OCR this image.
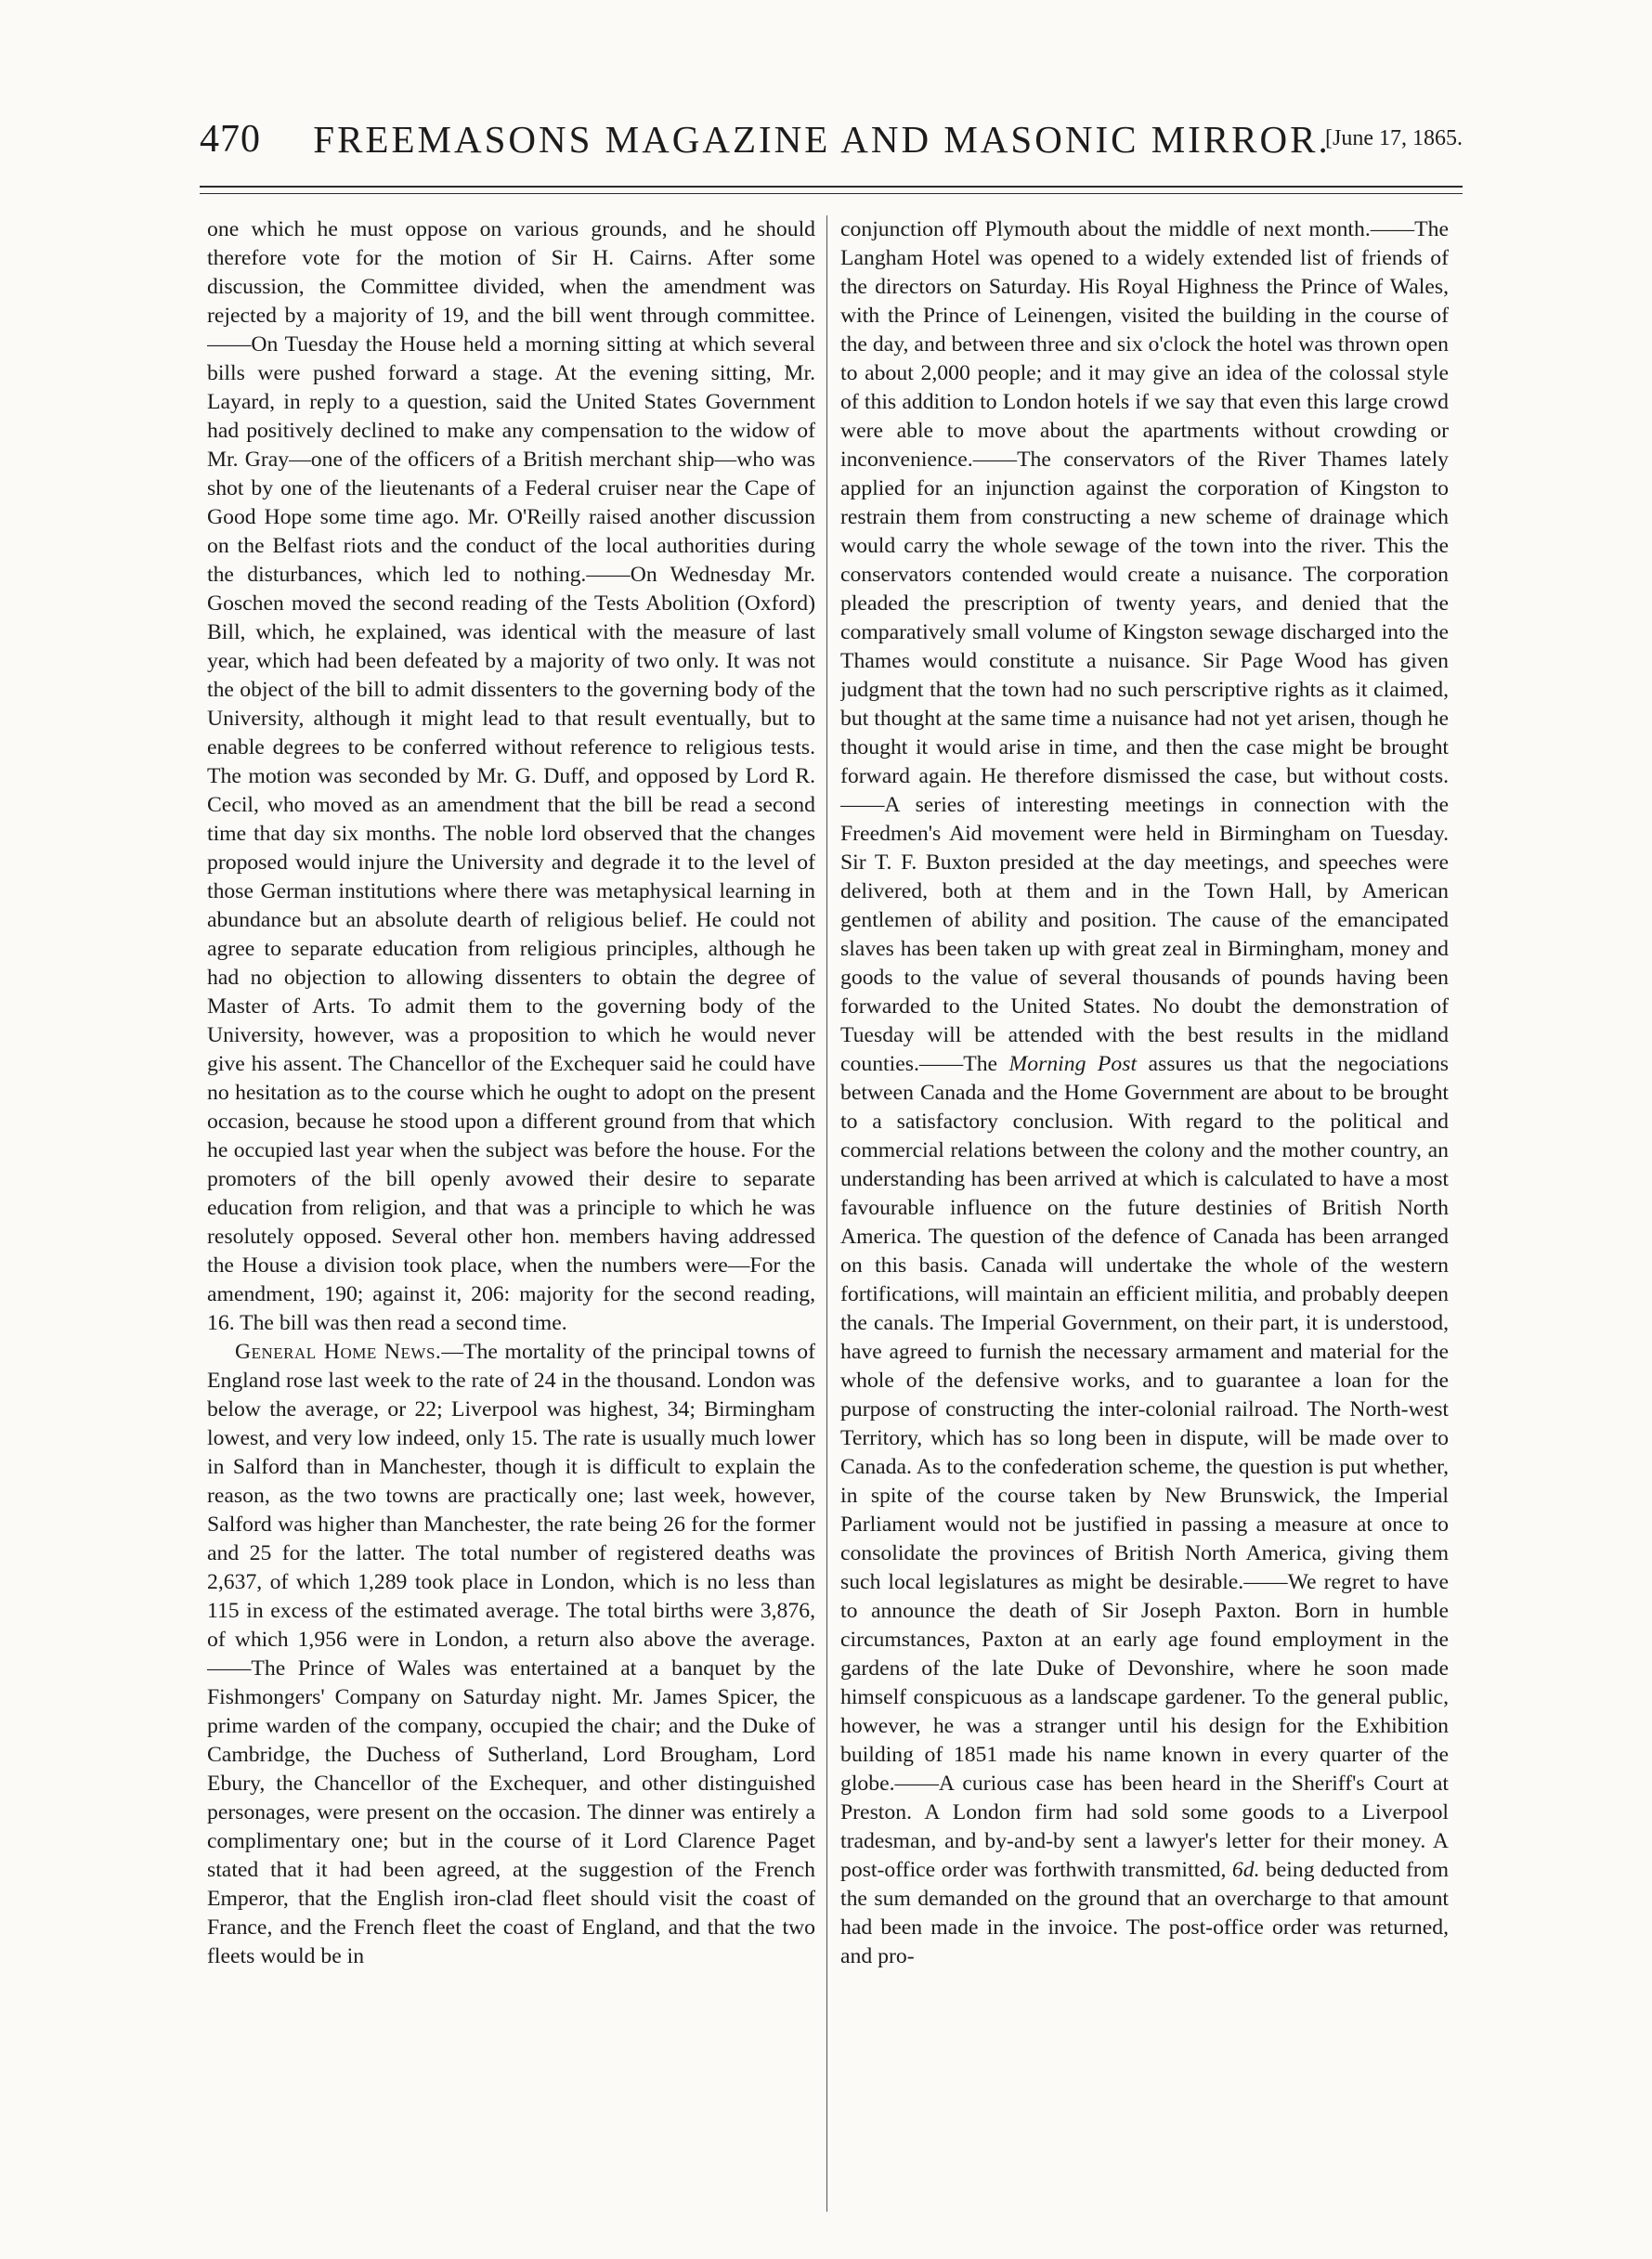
470	FREEMASONS MAGAZINE AND MASONIC MIRROR.
[June 17, 1865.

one which he must oppose on various grounds, and he should therefore vote for the motion of Sir H. Cairns. After some discussion, the Committee divided, when the amendment was rejected by a majority of 19, and the bill went through committee.——On Tuesday the House held a morning sitting at which several bills were pushed forward a stage. At the evening sitting, Mr. Layard, in reply to a question, said the United States Government had positively declined to make any compensation to the widow of Mr. Gray—one of the officers of a British merchant ship—who was shot by one of the lieutenants of a Federal cruiser near the Cape of Good Hope some time ago. Mr. O'Reilly raised another discussion on the Belfast riots and the conduct of the local authorities during the disturbances, which led to nothing.——On Wednesday Mr. Goschen moved the second reading of the Tests Abolition (Oxford) Bill, which, he explained, was identical with the measure of last year, which had been defeated by a majority of two only. It was not the object of the bill to admit dissenters to the governing body of the University, although it might lead to that result eventually, but to enable degrees to be conferred without reference to religious tests. The motion was seconded by Mr. G. Duff, and opposed by Lord R. Cecil, who moved as an amendment that the bill be read a second time that day six months. The noble lord observed that the changes proposed would injure the University and degrade it to the level of those German institutions where there was metaphysical learning in abundance but an absolute dearth of religious belief. He could not agree to separate education from religious principles, although he had no objection to allowing dissenters to obtain the degree of Master of Arts. To admit them to the governing body of the University, however, was a proposition to which he would never give his assent. The Chancellor of the Exchequer said he could have no hesitation as to the course which he ought to adopt on the present occasion, because he stood upon a different ground from that which he occupied last year when the subject was before the house. For the promoters of the bill openly avowed their desire to separate education from religion, and that was a principle to which he was resolutely opposed. Several other hon. members having addressed the House a division took place, when the numbers were—For the amendment, 190; against it, 206: majority for the second reading, 16. The bill was then read a second time.

General Home News.—The mortality of the principal towns of England rose last week to the rate of 24 in the thousand. London was below the average, or 22; Liverpool was highest, 34; Birmingham lowest, and very low indeed, only 15. The rate is usually much lower in Salford than in Manchester, though it is difficult to explain the reason, as the two towns are practically one; last week, however, Salford was higher than Manchester, the rate being 26 for the former and 25 for the latter. The total number of registered deaths was 2,637, of which 1,289 took place in London, which is no less than 115 in excess of the estimated average. The total births were 3,876, of which 1,956 were in London, a return also above the average.——The Prince of Wales was entertained at a banquet by the Fishmongers' Company on Saturday night. Mr. James Spicer, the prime warden of the company, occupied the chair; and the Duke of Cambridge, the Duchess of Sutherland, Lord Brougham, Lord Ebury, the Chancellor of the Exchequer, and other distinguished personages, were present on the occasion. The dinner was entirely a complimentary one; but in the course of it Lord Clarence Paget stated that it had been agreed, at the suggestion of the French Emperor, that the English iron-clad fleet should visit the coast of France, and the French fleet the coast of England, and that the two fleets would be in

conjunction off Plymouth about the middle of next month.——The Langham Hotel was opened to a widely extended list of friends of the directors on Saturday. His Royal Highness the Prince of Wales, with the Prince of Leinengen, visited the building in the course of the day, and between three and six o'clock the hotel was thrown open to about 2,000 people; and it may give an idea of the colossal style of this addition to London hotels if we say that even this large crowd were able to move about the apartments without crowding or inconvenience.——The conservators of the River Thames lately applied for an injunction against the corporation of Kingston to restrain them from constructing a new scheme of drainage which would carry the whole sewage of the town into the river. This the conservators contended would create a nuisance. The corporation pleaded the prescription of twenty years, and denied that the comparatively small volume of Kingston sewage discharged into the Thames would constitute a nuisance. Sir Page Wood has given judgment that the town had no such perscriptive rights as it claimed, but thought at the same time a nuisance had not yet arisen, though he thought it would arise in time, and then the case might be brought forward again. He therefore dismissed the case, but without costs.——A series of interesting meetings in connection with the Freedmen's Aid movement were held in Birmingham on Tuesday. Sir T. F. Buxton presided at the day meetings, and speeches were delivered, both at them and in the Town Hall, by American gentlemen of ability and position. The cause of the emancipated slaves has been taken up with great zeal in Birmingham, money and goods to the value of several thousands of pounds having been forwarded to the United States. No doubt the demonstration of Tuesday will be attended with the best results in the midland counties.——The Morning Post assures us that the negociations between Canada and the Home Government are about to be brought to a satisfactory conclusion. With regard to the political and commercial relations between the colony and the mother country, an understanding has been arrived at which is calculated to have a most favourable influence on the future destinies of British North America. The question of the defence of Canada has been arranged on this basis. Canada will undertake the whole of the western fortifications, will maintain an efficient militia, and probably deepen the canals. The Imperial Government, on their part, it is understood, have agreed to furnish the necessary armament and material for the whole of the defensive works, and to guarantee a loan for the purpose of constructing the inter-colonial railroad. The North-west Territory, which has so long been in dispute, will be made over to Canada. As to the confederation scheme, the question is put whether, in spite of the course taken by New Brunswick, the Imperial Parliament would not be justified in passing a measure at once to consolidate the provinces of British North America, giving them such local legislatures as might be desirable.——We regret to have to announce the death of Sir Joseph Paxton. Born in humble circumstances, Paxton at an early age found employment in the gardens of the late Duke of Devonshire, where he soon made himself conspicuous as a landscape gardener. To the general public, however, he was a stranger until his design for the Exhibition building of 1851 made his name known in every quarter of the globe.——A curious case has been heard in the Sheriff's Court at Preston. A London firm had sold some goods to a Liverpool tradesman, and by-and-by sent a lawyer's letter for their money. A post-office order was forthwith transmitted, 6d. being deducted from the sum demanded on the ground that an overcharge to that amount had been made in the invoice. The post-office order was returned, and pro-
